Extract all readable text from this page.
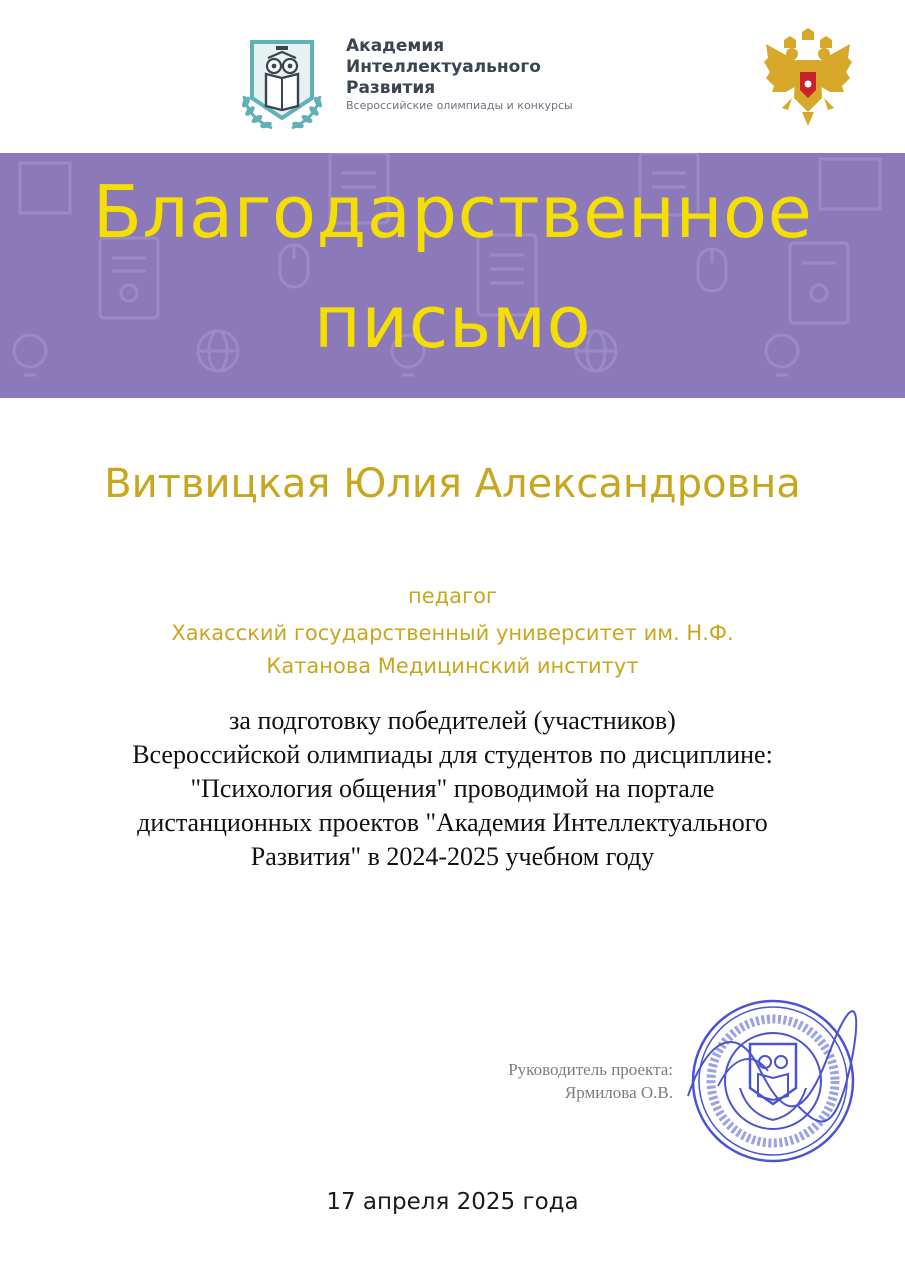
Академия
Интеллектуального
Развития
Всероссийские олимпиады и конкурсы
Благодарственное
письмо
Витвицкая Юлия Александровна
педагог
Хакасский государственный университет им. Н.Ф.
Катанова Медицинский институт
за подготовку победителей (участников)
Всероссийской олимпиады для студентов по дисциплине:
"Психология общения" проводимой на портале
дистанционных проектов "Академия Интеллектуального
Развития" в 2024-2025 учебном году
Руководитель проекта:
Ярмилова О.В.
17 апреля 2025 года
